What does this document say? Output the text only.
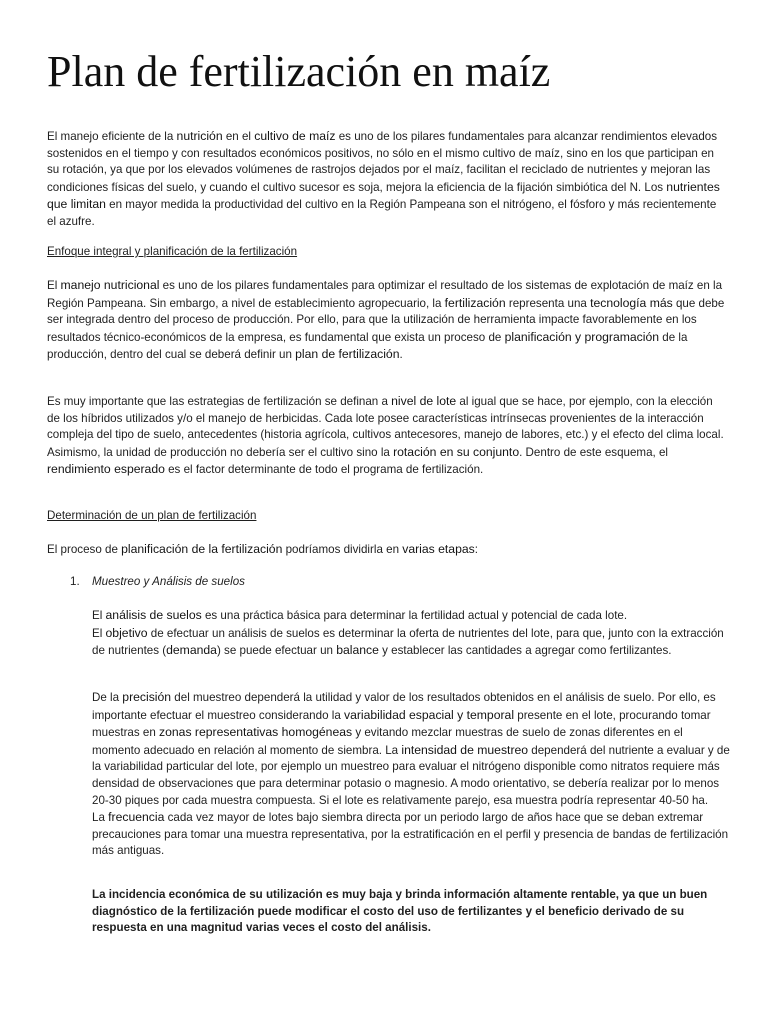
Plan de fertilización en maíz

El manejo eficiente de la nutrición en el cultivo de maíz es uno de los pilares fundamentales para alcanzar rendimientos elevados sostenidos en el tiempo y con resultados económicos positivos, no sólo en el mismo cultivo de maíz, sino en los que participan en su rotación, ya que por los elevados volúmenes de rastrojos dejados por el maíz, facilitan el reciclado de nutrientes y mejoran las condiciones físicas del suelo, y cuando el cultivo sucesor es soja, mejora la eficiencia de la fijación simbiótica del N. Los nutrientes que limitan en mayor medida la productividad del cultivo en la Región Pampeana son el nitrógeno, el fósforo y más recientemente el azufre.

Enfoque integral y planificación de la fertilización

El manejo nutricional es uno de los pilares fundamentales para optimizar el resultado de los sistemas de explotación de maíz en la Región Pampeana. Sin embargo, a nivel de establecimiento agropecuario, la fertilización representa una tecnología más que debe ser integrada dentro del proceso de producción. Por ello, para que la utilización de herramienta impacte favorablemente en los resultados técnico-económicos de la empresa, es fundamental que exista un proceso de planificación y programación de la producción, dentro del cual se deberá definir un plan de fertilización.

Es muy importante que las estrategias de fertilización se definan a nivel de lote al igual que se hace, por ejemplo, con la elección de los híbridos utilizados y/o el manejo de herbicidas. Cada lote posee características intrínsecas provenientes de la interacción compleja del tipo de suelo, antecedentes (historia agrícola, cultivos antecesores, manejo de labores, etc.) y el efecto del clima local. Asimismo, la unidad de producción no debería ser el cultivo sino la rotación en su conjunto. Dentro de este esquema, el rendimiento esperado es el factor determinante de todo el programa de fertilización.

Determinación de un plan de fertilización

El proceso de planificación de la fertilización podríamos dividirla en varias etapas:

1. Muestreo y Análisis de suelos

El análisis de suelos es una práctica básica para determinar la fertilidad actual y potencial de cada lote.
El objetivo de efectuar un análisis de suelos es determinar la oferta de nutrientes del lote, para que, junto con la extracción de nutrientes (demanda) se puede efectuar un balance y establecer las cantidades a agregar como fertilizantes.

De la precisión del muestreo dependerá la utilidad y valor de los resultados obtenidos en el análisis de suelo. Por ello, es importante efectuar el muestreo considerando la variabilidad espacial y temporal presente en el lote, procurando tomar muestras en zonas representativas homogéneas y evitando mezclar muestras de suelo de zonas diferentes en el momento adecuado en relación al momento de siembra. La intensidad de muestreo dependerá del nutriente a evaluar y de la variabilidad particular del lote, por ejemplo un muestreo para evaluar el nitrógeno disponible como nitratos requiere más densidad de observaciones que para determinar potasio o magnesio. A modo orientativo, se debería realizar por lo menos 20-30 piques por cada muestra compuesta. Si el lote es relativamente parejo, esa muestra podría representar 40-50 ha.
La frecuencia cada vez mayor de lotes bajo siembra directa por un periodo largo de años hace que se deban extremar precauciones para tomar una muestra representativa, por la estratificación en el perfil y presencia de bandas de fertilización más antiguas.

La incidencia económica de su utilización es muy baja y brinda información altamente rentable, ya que un buen diagnóstico de la fertilización puede modificar el costo del uso de fertilizantes y el beneficio derivado de su respuesta en una magnitud varias veces el costo del análisis.
